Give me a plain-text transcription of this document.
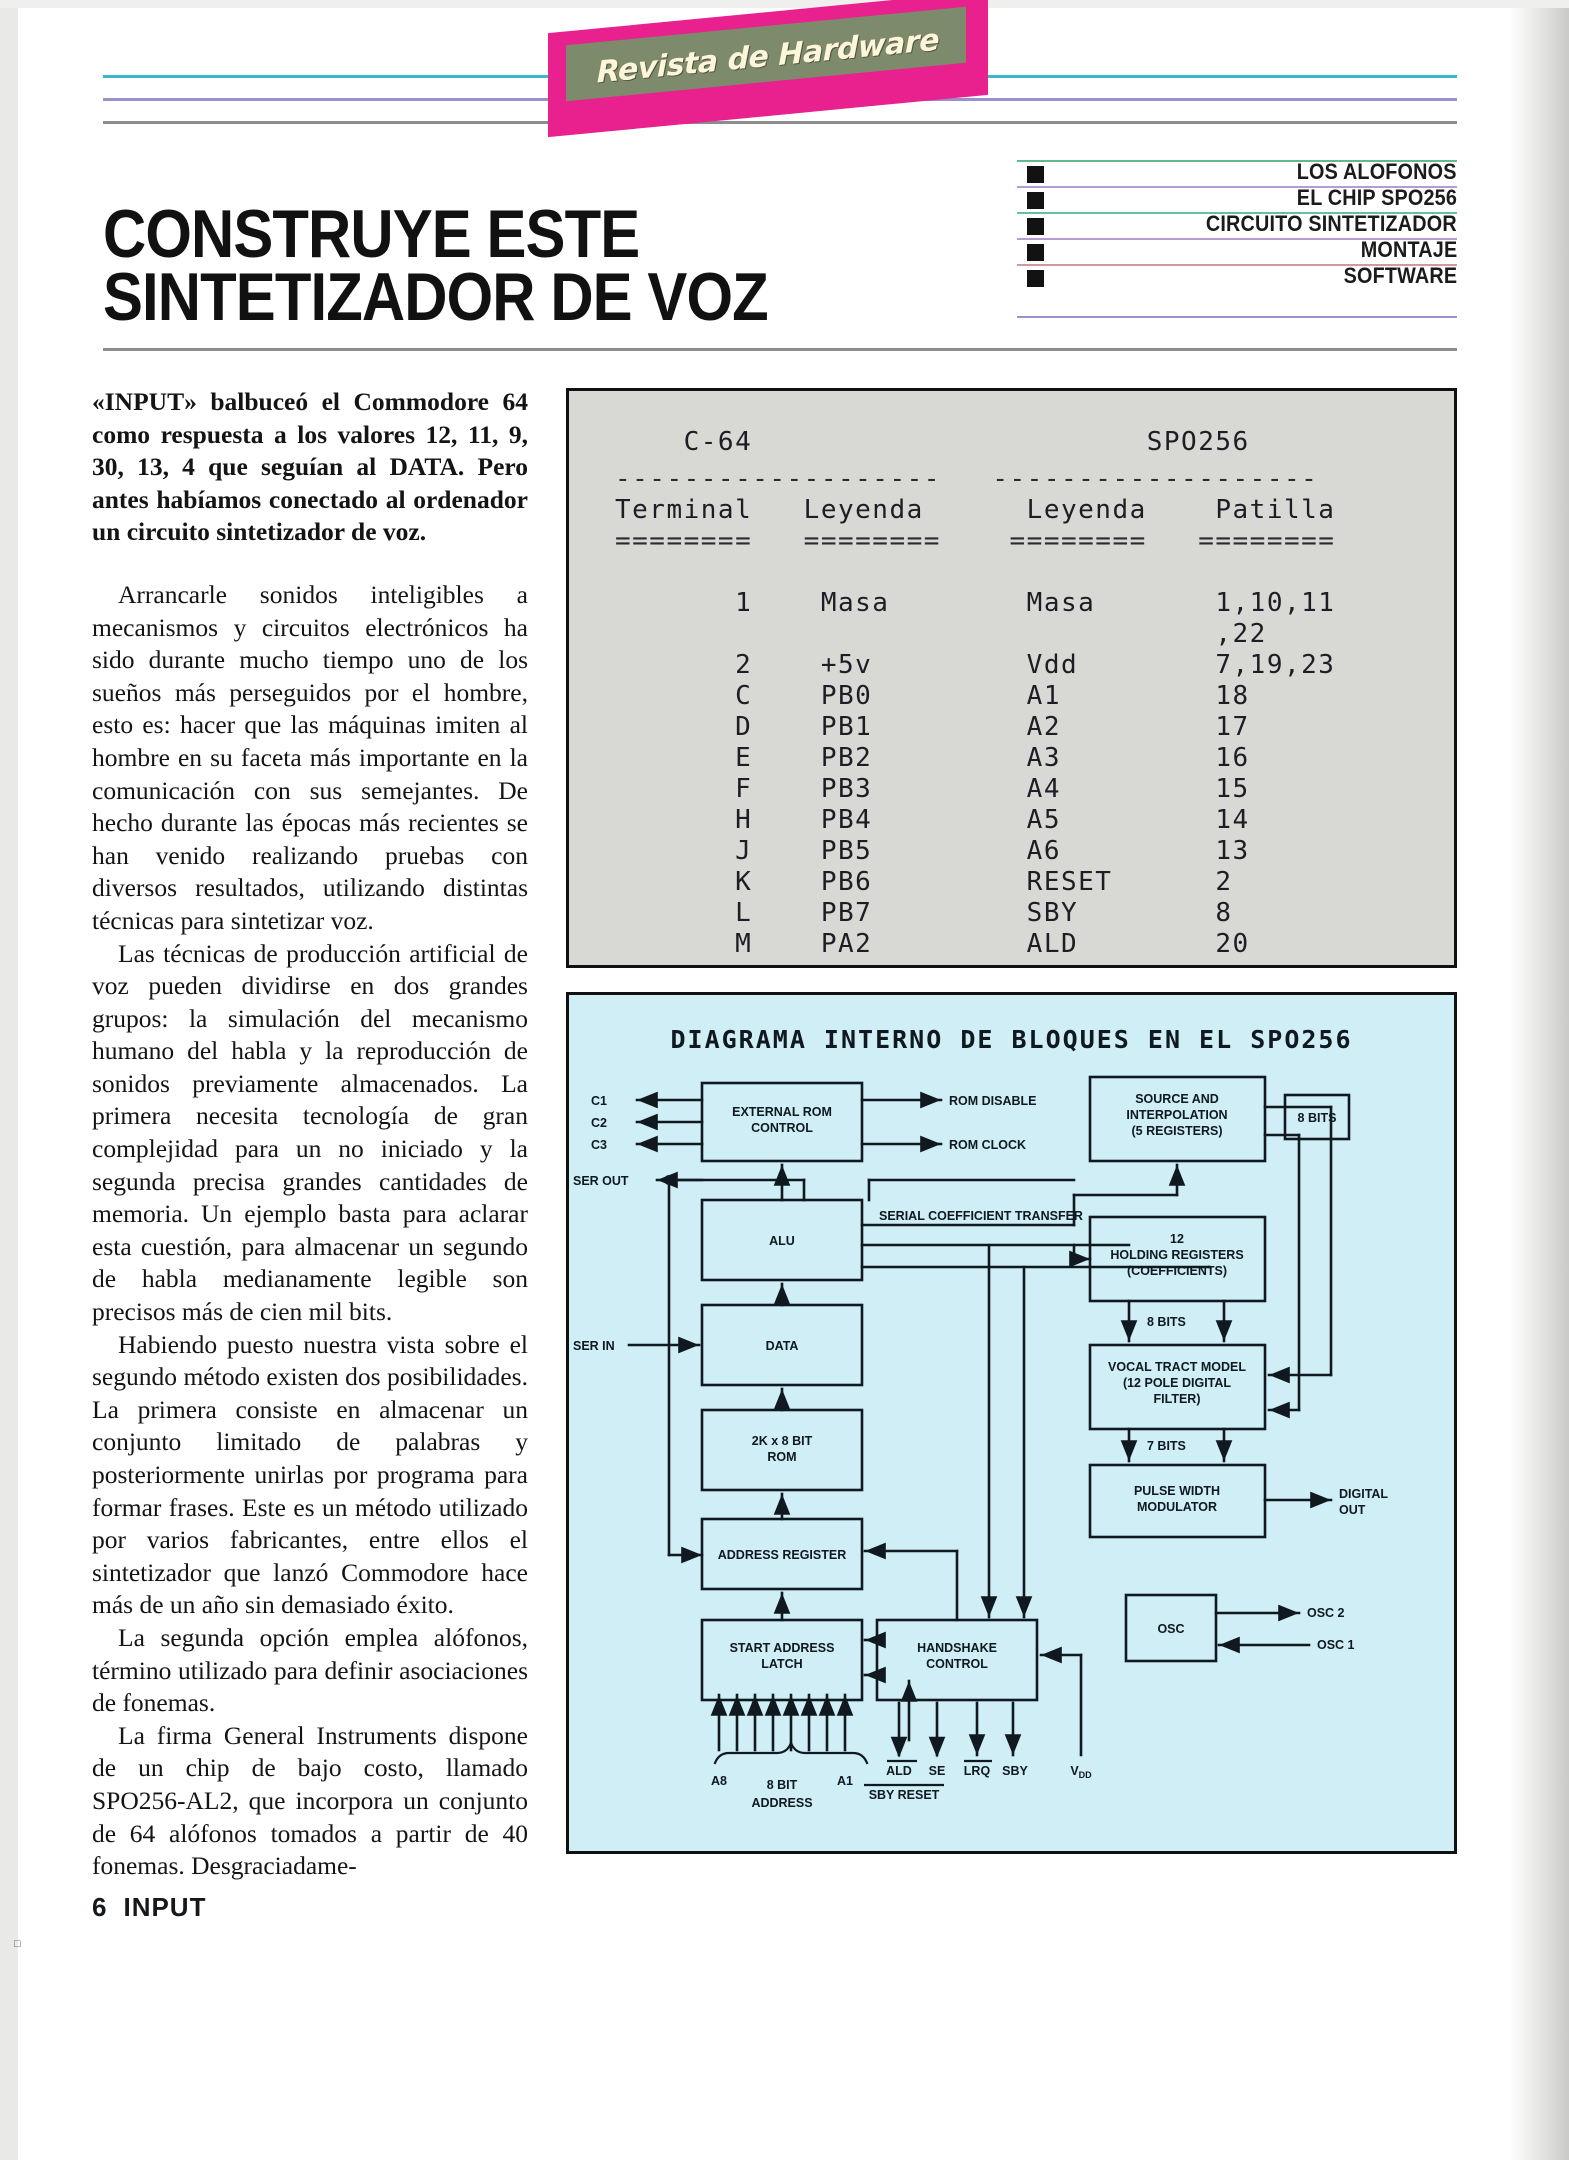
Revista de Hardware
CONSTRUYE ESTE
SINTETIZADOR DE VOZ
LOS ALOFONOS
EL CHIP SPO256
CIRCUITO SINTETIZADOR
MONTAJE
SOFTWARE

«INPUT» balbuceó el Commodore 64 como respuesta a los valores 12, 11, 9, 30, 13, 4 que seguían al DATA. Pero antes habíamos conectado al ordenador un circuito sintetizador de voz.

Arrancarle sonidos inteligibles a mecanismos y circuitos electrónicos ha sido durante mucho tiempo uno de los sueños más perseguidos por el hombre, esto es: hacer que las máquinas imiten al hombre en su faceta más importante en la comunicación con sus semejantes. De hecho durante las épocas más recientes se han venido realizando pruebas con diversos resultados, utilizando distintas técnicas para sintetizar voz.

Las técnicas de producción artificial de voz pueden dividirse en dos grandes grupos: la simulación del mecanismo humano del habla y la reproducción de sonidos previamente almacenados. La primera necesita tecnología de gran complejidad para un no iniciado y la segunda precisa grandes cantidades de memoria. Un ejemplo basta para aclarar esta cuestión, para almacenar un segundo de habla medianamente legible son precisos más de cien mil bits.

Habiendo puesto nuestra vista sobre el segundo método existen dos posibilidades. La primera consiste en almacenar un conjunto limitado de palabras y posteriormente unirlas por programa para formar frases. Este es un método utilizado por varios fabricantes, entre ellos el sintetizador que lanzó Commodore hace más de un año sin demasiado éxito.

La segunda opción emplea alófonos, término utilizado para definir asociaciones de fonemas.

La firma General Instruments dispone de un chip de bajo costo, llamado SPO256-AL2, que incorpora un conjunto de 64 alófonos tomados a partir de 40 fonemas. Desgraciadame-

6 INPUT
□
C-64                       SPO256
-------------------   -------------------
Terminal   Leyenda      Leyenda    Patilla
========   ========    ========   ========

1    Masa        Masa       1,10,11
,22
2    +5v         Vdd        7,19,23
C    PB0         A1         18
D    PB1         A2         17
E    PB2         A3         16
F    PB3         A4         15
H    PB4         A5         14
J    PB5         A6         13
K    PB6         RESET      2
L    PB7         SBY        8
M    PA2         ALD        20
DIAGRAMA INTERNO DE BLOQUES EN EL SPO256
EXTERNAL ROM
CONTROL
ALU
DATA
2K x 8 BIT
ROM
ADDRESS REGISTER
START ADDRESS
LATCH
HANDSHAKE
CONTROL
SOURCE AND
INTERPOLATION
(5 REGISTERS)
12
HOLDING REGISTERS
(COEFFICIENTS)
VOCAL TRACT MODEL
(12 POLE DIGITAL
FILTER)
PULSE WIDTH
MODULATOR
OSC
8 BITS
C1
C2
C3
ROM DISABLE
ROM CLOCK
SER OUT
SER IN
SERIAL COEFFICIENT TRANSFER
8 BITS
7 BITS
DIGITAL
OUT
OSC 2
OSC 1
A8	A1
8 BIT
ADDRESS
SBY RESET
ALD SE LRQ SBY	$V_{DD}$
